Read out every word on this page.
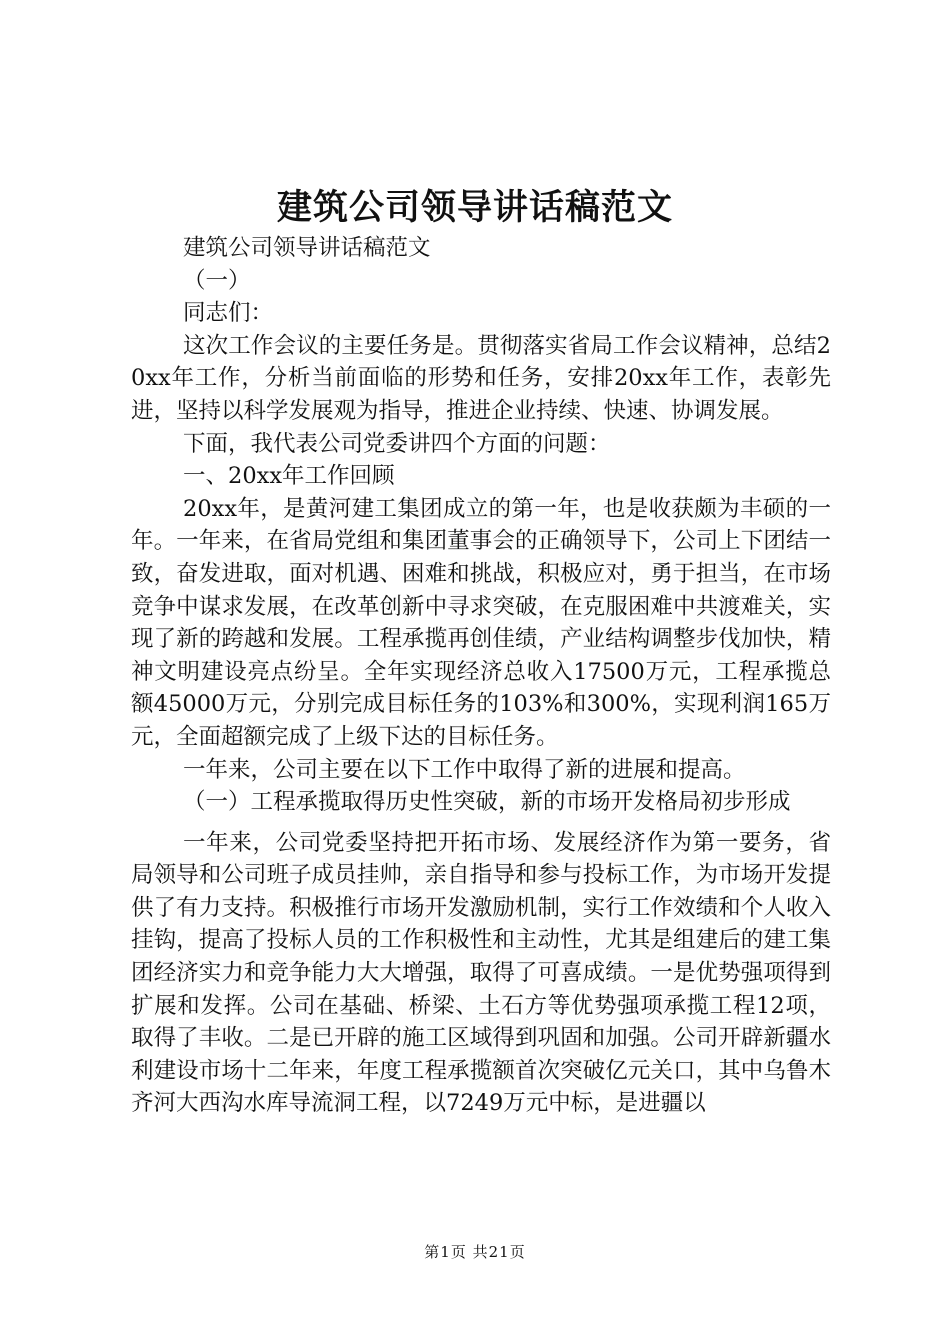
建筑公司领导讲话稿范文

建筑公司领导讲话稿范文

（一）

同志们：

这次工作会议的主要任务是。贯彻落实省局工作会议精神，总结20xx年工作，分析当前面临的形势和任务，安排20xx年工作，表彰先进，坚持以科学发展观为指导，推进企业持续、快速、协调发展。

下面，我代表公司党委讲四个方面的问题：

一、20xx年工作回顾

20xx年，是黄河建工集团成立的第一年，也是收获颇为丰硕的一年。一年来，在省局党组和集团董事会的正确领导下，公司上下团结一致，奋发进取，面对机遇、困难和挑战，积极应对，勇于担当，在市场竞争中谋求发展，在改革创新中寻求突破，在克服困难中共渡难关，实现了新的跨越和发展。工程承揽再创佳绩，产业结构调整步伐加快，精神文明建设亮点纷呈。全年实现经济总收入17500万元，工程承揽总额45000万元，分别完成目标任务的103%和300%，实现利润165万元，全面超额完成了上级下达的目标任务。

一年来，公司主要在以下工作中取得了新的进展和提高。

（一）工程承揽取得历史性突破，新的市场开发格局初步形成

一年来，公司党委坚持把开拓市场、发展经济作为第一要务，省局领导和公司班子成员挂帅，亲自指导和参与投标工作，为市场开发提供了有力支持。积极推行市场开发激励机制，实行工作效绩和个人收入挂钩，提高了投标人员的工作积极性和主动性，尤其是组建后的建工集团经济实力和竞争能力大大增强，取得了可喜成绩。一是优势强项得到扩展和发挥。公司在基础、桥梁、土石方等优势强项承揽工程12项，取得了丰收。二是已开辟的施工区域得到巩固和加强。公司开辟新疆水利建设市场十二年来，年度工程承揽额首次突破亿元关口，其中乌鲁木齐河大西沟水库导流洞工程，以7249万元中标，是进疆以

第1页 共21页
